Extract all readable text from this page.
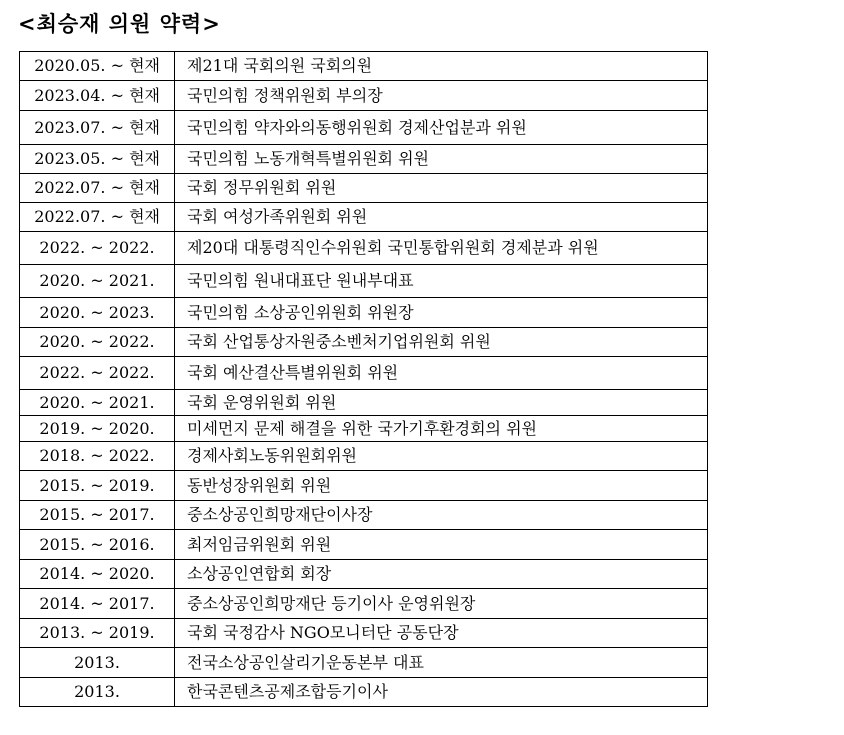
<최승재 의원 약력>
2020.05. ~ 현재	제21대 국회의원 국회의원
2023.04. ~ 현재	국민의힘 정책위원회 부의장
2023.07. ~ 현재	국민의힘 약자와의동행위원회 경제산업분과 위원
2023.05. ~ 현재	국민의힘 노동개혁특별위원회 위원
2022.07. ~ 현재	국회 정무위원회 위원
2022.07. ~ 현재	국회 여성가족위원회 위원
2022. ~ 2022.	제20대 대통령직인수위원회 국민통합위원회 경제분과 위원
2020. ~ 2021.	국민의힘 원내대표단 원내부대표
2020. ~ 2023.	국민의힘 소상공인위원회 위원장
2020. ~ 2022.	국회 산업통상자원중소벤처기업위원회 위원
2022. ~ 2022.	국회 예산결산특별위원회 위원
2020. ~ 2021.	국회 운영위원회 위원
2019. ~ 2020.	미세먼지 문제 해결을 위한 국가기후환경회의 위원
2018. ~ 2022.	경제사회노동위원회위원
2015. ~ 2019.	동반성장위원회 위원
2015. ~ 2017.	중소상공인희망재단이사장
2015. ~ 2016.	최저임금위원회 위원
2014. ~ 2020.	소상공인연합회 회장
2014. ~ 2017.	중소상공인희망재단 등기이사 운영위원장
2013. ~ 2019.	국회 국정감사 NGO모니터단 공동단장
2013.	전국소상공인살리기운동본부 대표
2013.	한국콘텐츠공제조합등기이사
